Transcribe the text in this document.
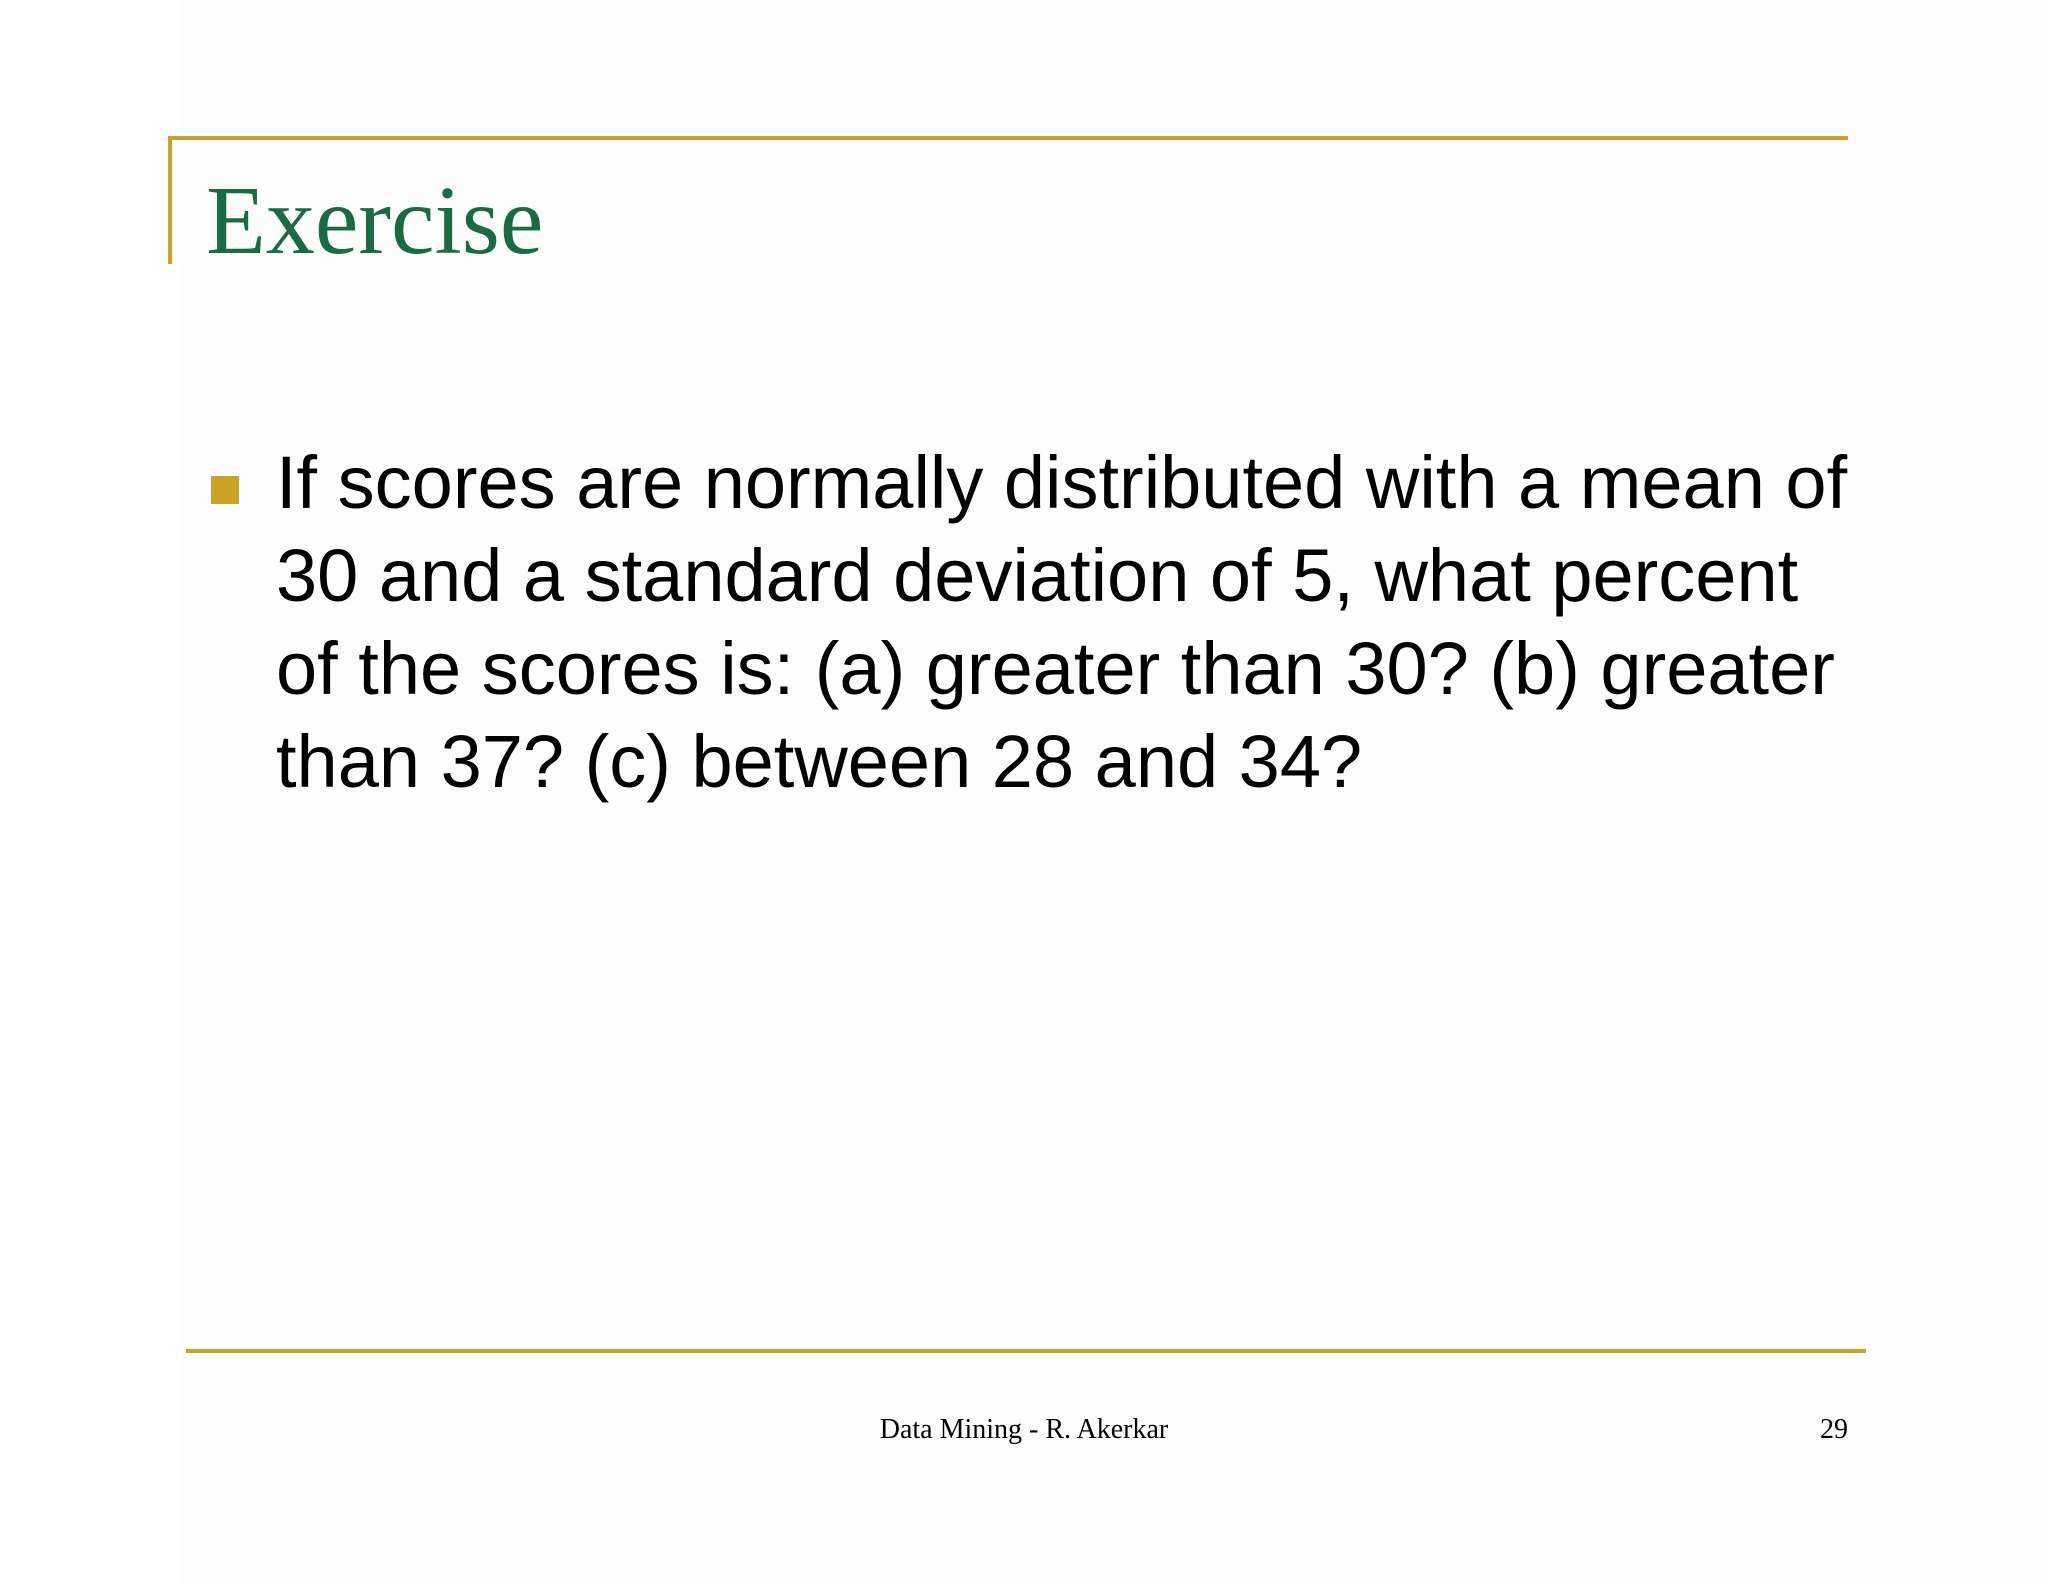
Exercise
If scores are normally distributed with a mean of 30 and a standard deviation of 5, what percent of the scores is: (a) greater than 30? (b) greater than 37? (c) between 28 and 34?
Data Mining - R. Akerkar	29
